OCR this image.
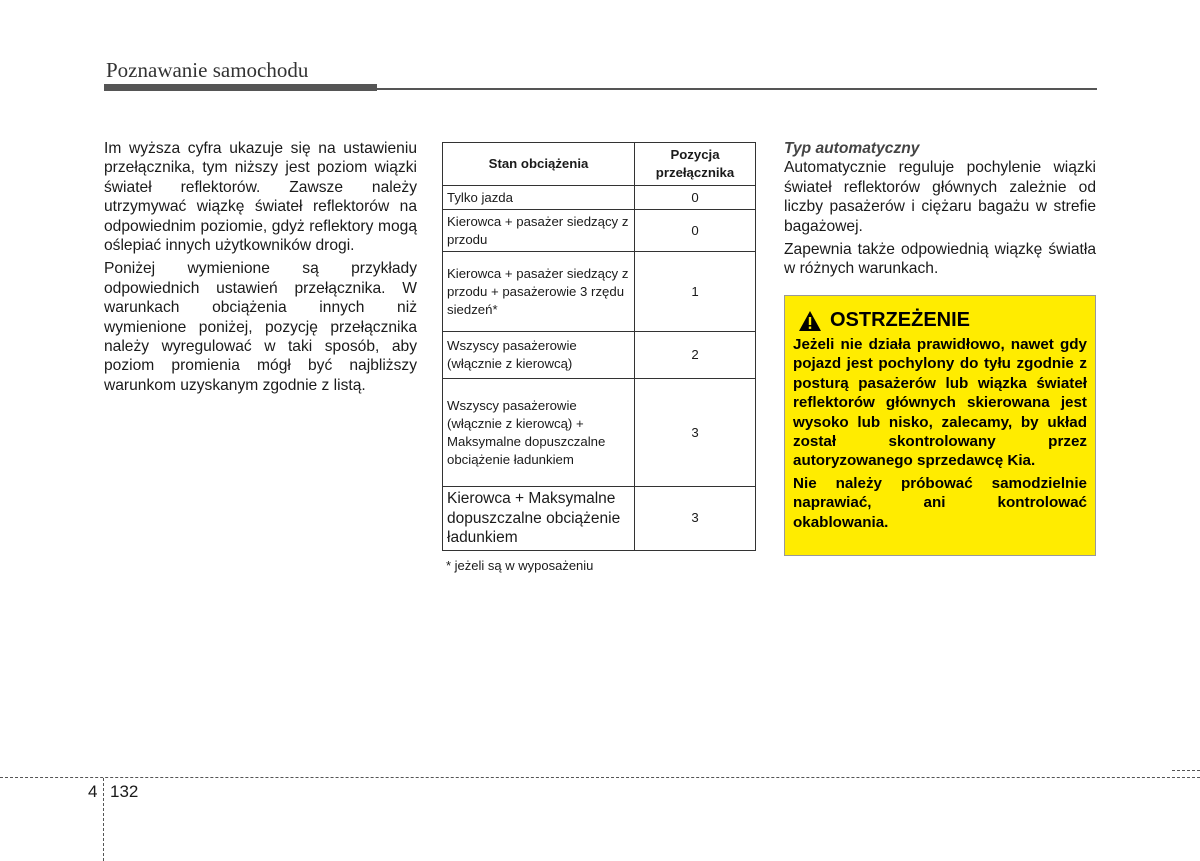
Poznawanie samochodu

Im wyższa cyfra ukazuje się na ustawieniu przełącznika, tym niższy jest poziom wiązki świateł reflektorów. Zawsze należy utrzymywać wiązkę świateł reflektorów na odpowiednim poziomie, gdyż reflektory mogą oślepiać innych użytkowników drogi.

Poniżej wymienione są przykłady odpowiednich ustawień przełącznika. W warunkach obciążenia innych niż wymienione poniżej, pozycję przełącznika należy wyregulować w taki sposób, aby poziom promienia mógł być najbliższy warunkom uzyskanym zgodnie z listą.

Stan obciążenia	Pozycja przełącznika
Tylko jazda	0
Kierowca + pasażer siedzący z przodu	0
Kierowca + pasażer siedzący z przodu + pasażerowie 3 rzędu siedzeń*	1
Wszyscy pasażerowie (włącznie z kierowcą)	2
Wszyscy pasażerowie (włącznie z kierowcą) + Maksymalne dopuszczalne obciążenie ładunkiem	3
Kierowca + Maksymalne dopuszczalne obciążenie ładunkiem	3
* jeżeli są w wyposażeniu

Typ automatyczny

Automatycznie reguluje pochylenie wiązki świateł reflektorów głównych zależnie od liczby pasażerów i ciężaru bagażu w strefie bagażowej.

Zapewnia także odpowiednią wiązkę światła w różnych warunkach.

OSTRZEŻENIE

Jeżeli nie działa prawidłowo, nawet gdy pojazd jest pochylony do tyłu zgodnie z posturą pasażerów lub wiązka świateł reflektorów głównych skierowana jest wysoko lub nisko, zalecamy, by układ został skontrolowany przez autoryzowanego sprzedawcę Kia.

Nie należy próbować samodzielnie naprawiać, ani kontrolować okablowania.

4 132
